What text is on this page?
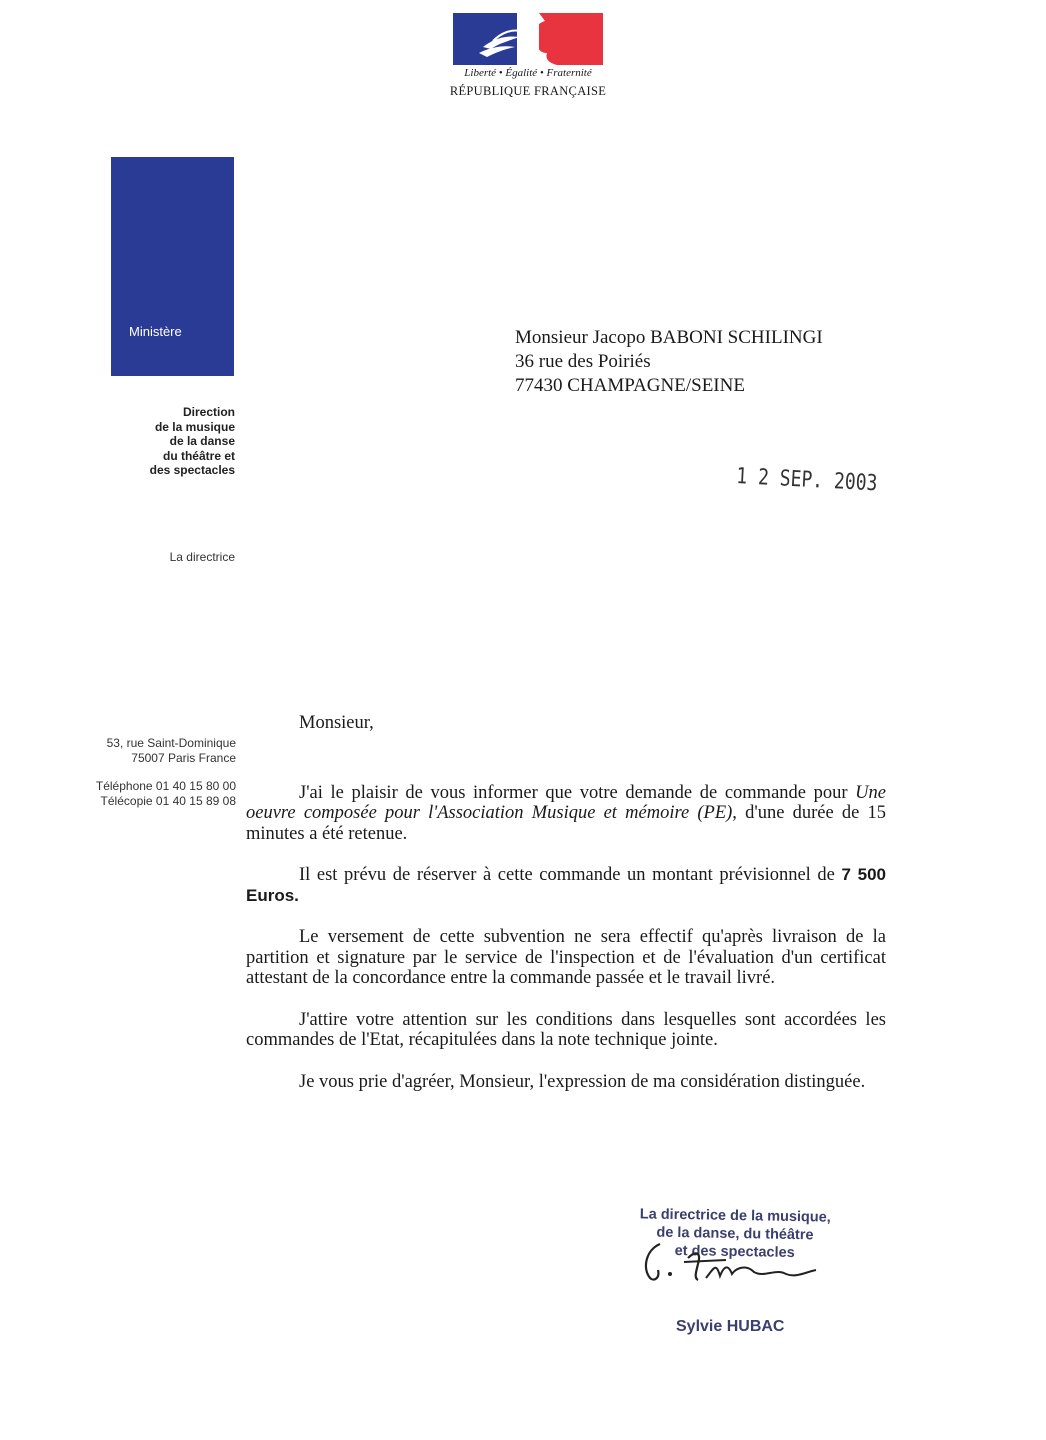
Liberté • Égalité • Fraternité
RÉPUBLIQUE FRANÇAISE
Culture Communication
Ministère
Direction
de la musique
de la danse
du théâtre et
des spectacles
La directrice
53, rue Saint-Dominique
75007 Paris France
Téléphone 01 40 15 80 00
Télécopie 01 40 15 89 08
Monsieur Jacopo BABONI SCHILINGI
36 rue des Poiriés
77430 CHAMPAGNE/SEINE
1 2 SEP. 2003

Monsieur,

J'ai le plaisir de vous informer que votre demande de commande pour Une oeuvre composée pour l'Association Musique et mémoire (PE), d'une durée de 15 minutes a été retenue.

Il est prévu de réserver à cette commande un montant prévisionnel de 7 500 Euros.

Le versement de cette subvention ne sera effectif qu'après livraison de la partition et signature par le service de l'inspection et de l'évaluation d'un certificat attestant de la concordance entre la commande passée et le travail livré.

J'attire votre attention sur les conditions dans lesquelles sont accordées les commandes de l'Etat, récapitulées dans la note technique jointe.

Je vous prie d'agréer, Monsieur, l'expression de ma considération distinguée.

La directrice de la musique,
de la danse, du théâtre
et des spectacles
Sylvie HUBAC
